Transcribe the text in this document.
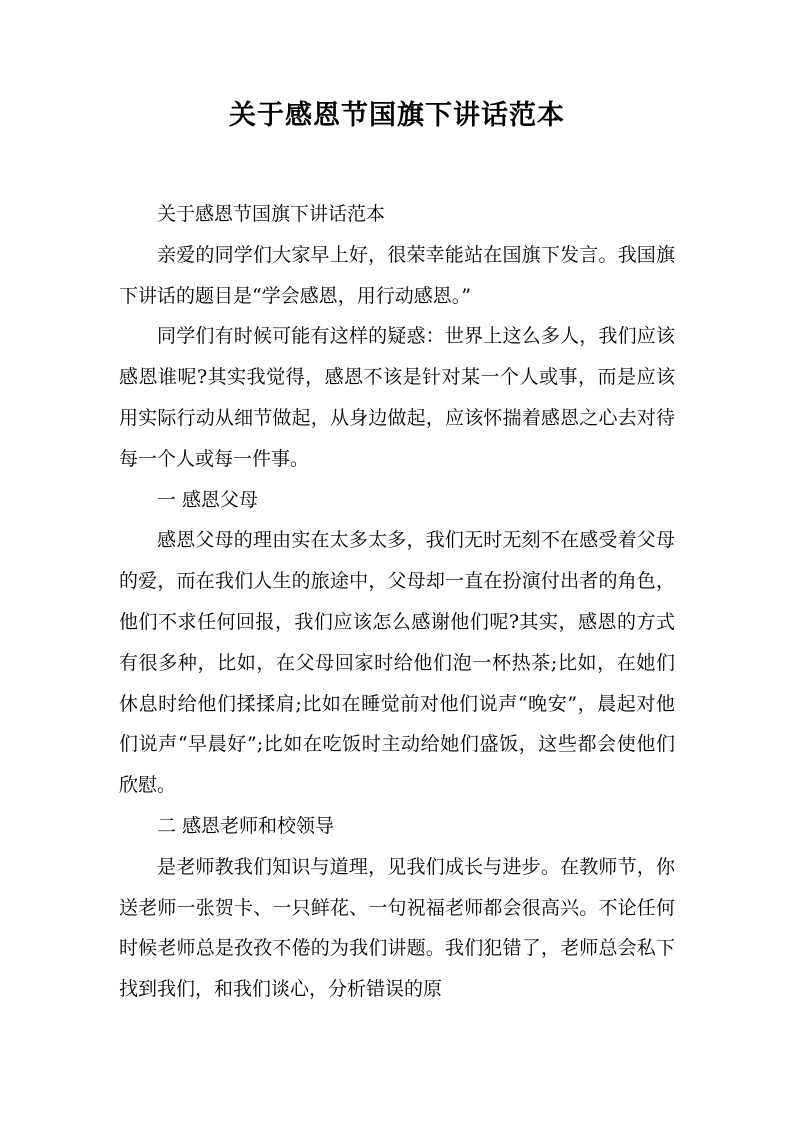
关于感恩节国旗下讲话范本

关于感恩节国旗下讲话范本

亲爱的同学们大家早上好，很荣幸能站在国旗下发言。我国旗下讲话的题目是“学会感恩，用行动感恩。”

同学们有时候可能有这样的疑惑：世界上这么多人，我们应该感恩谁呢?其实我觉得，感恩不该是针对某一个人或事，而是应该用实际行动从细节做起，从身边做起，应该怀揣着感恩之心去对待每一个人或每一件事。

一 感恩父母

感恩父母的理由实在太多太多，我们无时无刻不在感受着父母的爱，而在我们人生的旅途中，父母却一直在扮演付出者的角色，他们不求任何回报，我们应该怎么感谢他们呢?其实，感恩的方式有很多种，比如，在父母回家时给他们泡一杯热茶;比如，在她们休息时给他们揉揉肩;比如在睡觉前对他们说声“晚安”，晨起对他们说声“早晨好”;比如在吃饭时主动给她们盛饭，这些都会使他们欣慰。

二 感恩老师和校领导

是老师教我们知识与道理，见我们成长与进步。在教师节，你送老师一张贺卡、一只鲜花、一句祝福老师都会很高兴。不论任何时候老师总是孜孜不倦的为我们讲题。我们犯错了，老师总会私下找到我们，和我们谈心，分析错误的原
